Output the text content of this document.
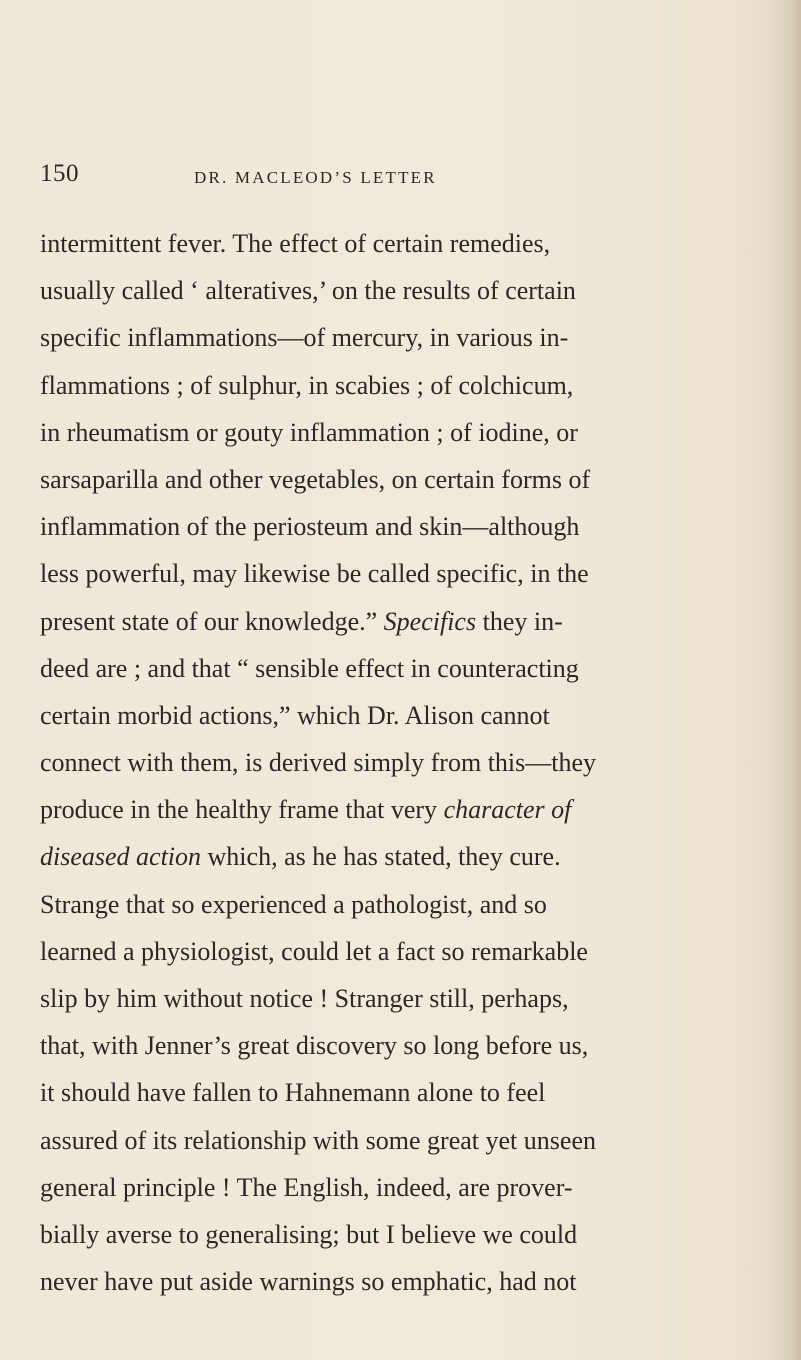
150	DR. MACLEOD’S LETTER
intermittent fever. The effect of certain remedies,
usually called ‘ alteratives,’ on the results of certain
specific inflammations—of mercury, in various in-
flammations ; of sulphur, in scabies ; of colchicum,
in rheumatism or gouty inflammation ; of iodine, or
sarsaparilla and other vegetables, on certain forms of
inflammation of the periosteum and skin—although
less powerful, may likewise be called specific, in the
present state of our knowledge.” Specifics they in-
deed are ; and that “ sensible effect in counteracting
certain morbid actions,” which Dr. Alison cannot
connect with them, is derived simply from this—they
produce in the healthy frame that very character of
diseased action which, as he has stated, they cure.
Strange that so experienced a pathologist, and so
learned a physiologist, could let a fact so remarkable
slip by him without notice ! Stranger still, perhaps,
that, with Jenner’s great discovery so long before us,
it should have fallen to Hahnemann alone to feel
assured of its relationship with some great yet unseen
general principle ! The English, indeed, are prover-
bially averse to generalising; but I believe we could
never have put aside warnings so emphatic, had not
